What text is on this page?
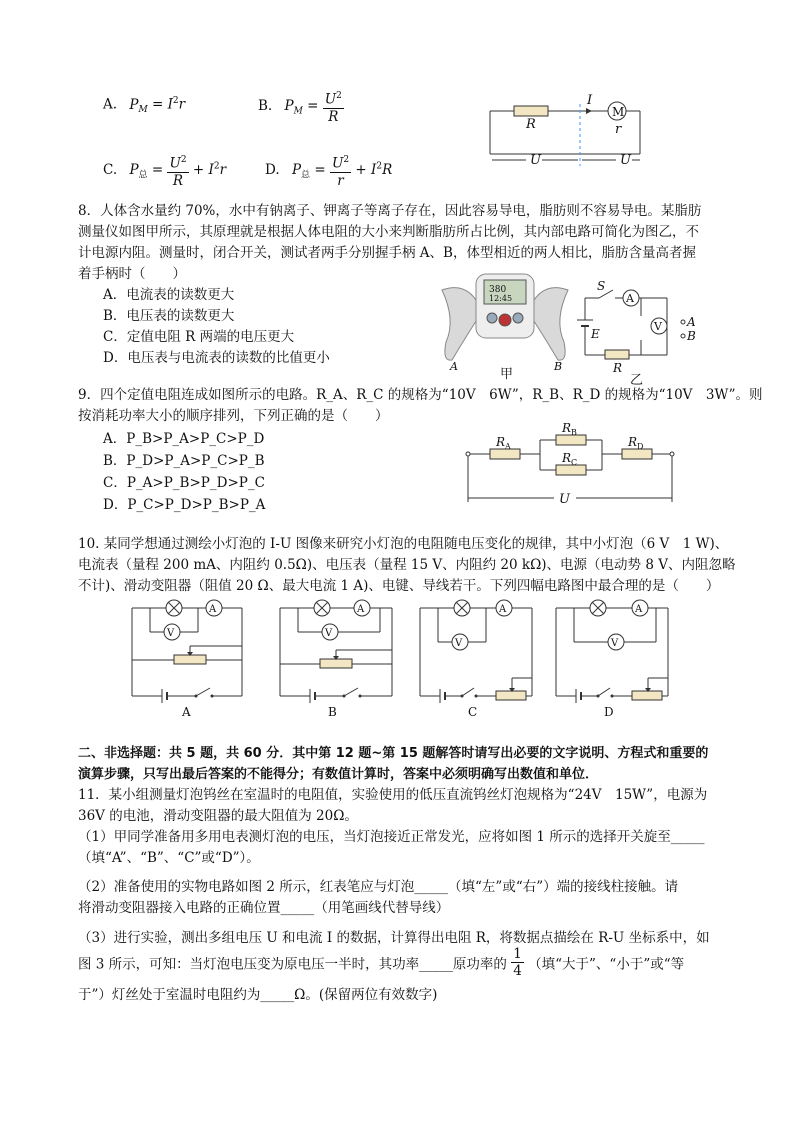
A. $P_M = I^2r$	B. $P_M = \frac{U^2}{R}$
C. $P_总 = \frac{U^2}{R} + I^2r$	D. $P_总 = \frac{U^2}{r} + I^2R$
M
I
R	r
U	U
8．人体含水量约 70%，水中有钠离子、钾离子等离子存在，因此容易导电，脂肪则不容易导电。某脂肪
测量仪如图甲所示，其原理就是根据人体电阻的大小来判断脂肪所占比例，其内部电路可简化为图乙，不
计电源内阻。测量时，闭合开关，测试者两手分别握手柄 A、B，体型相近的两人相比，脂肪含量高者握
着手柄时（　　）
A．电流表的读数更大
B．电压表的读数更大
C．定值电阻 R 两端的电压更大
D．电压表与电流表的读数的比值更小
380
12:45
A	B
甲
S
A
E
R
V A
B
乙
9．四个定值电阻连成如图所示的电路。R_A、R_C 的规格为“10V　6W”，R_B、R_D 的规格为“10V　3W”。则
按消耗功率大小的顺序排列，下列正确的是（　　）
A．P_B>P_A>P_C>P_D
B．P_D>P_A>P_C>P_B
C．P_A>P_B>P_D>P_C
D．P_C>P_D>P_B>P_A
$R_A$
$R_B$
$R_C$
$R_D$
U
10. 某同学想通过测绘小灯泡的 I-U 图像来研究小灯泡的电阻随电压变化的规律，其中小灯泡（6 V　1 W)、
电流表（量程 200 mA、内阻约 0.5Ω)、电压表（量程 15 V、内阻约 20 kΩ)、电源（电动势 8 V、内阻忽略
不计)、滑动变阻器（阻值 20 Ω、最大电流 1 A)、电键、导线若干。下列四幅电路图中最合理的是（　　）
A
V
A
A
V
B
A
V
C
A
V
D
二、非选择题：共 5 题，共 60 分．其中第 12 题~第 15 题解答时请写出必要的文字说明、方程式和重要的
演算步骤，只写出最后答案的不能得分；有数值计算时，答案中必须明确写出数值和单位．
11．某小组测量灯泡钨丝在室温时的电阻值，实验使用的低压直流钨丝灯泡规格为“24V　15W”，电源为
36V 的电池，滑动变阻器的最大阻值为 20Ω。
（1）甲同学准备用多用电表测灯泡的电压，当灯泡接近正常发光，应将如图 1 所示的选择开关旋至_____
（填“A”、“B”、“C”或“D”）。
（2）准备使用的实物电路如图 2 所示，红表笔应与灯泡_____（填“左”或“右”）端的接线柱接触。请
将滑动变阻器接入电路的正确位置_____（用笔画线代替导线）
（3）进行实验，测出多组电压 U 和电流 I 的数据，计算得出电阻 R，将数据点描绘在 R-U 坐标系中，如
图 3 所示，可知：当灯泡电压变为原电压一半时，其功率_____原功率的 $\frac{1}{4}$ （填“大于”、“小于”或“等
于”）灯丝处于室温时电阻约为_____Ω。(保留两位有效数字)
